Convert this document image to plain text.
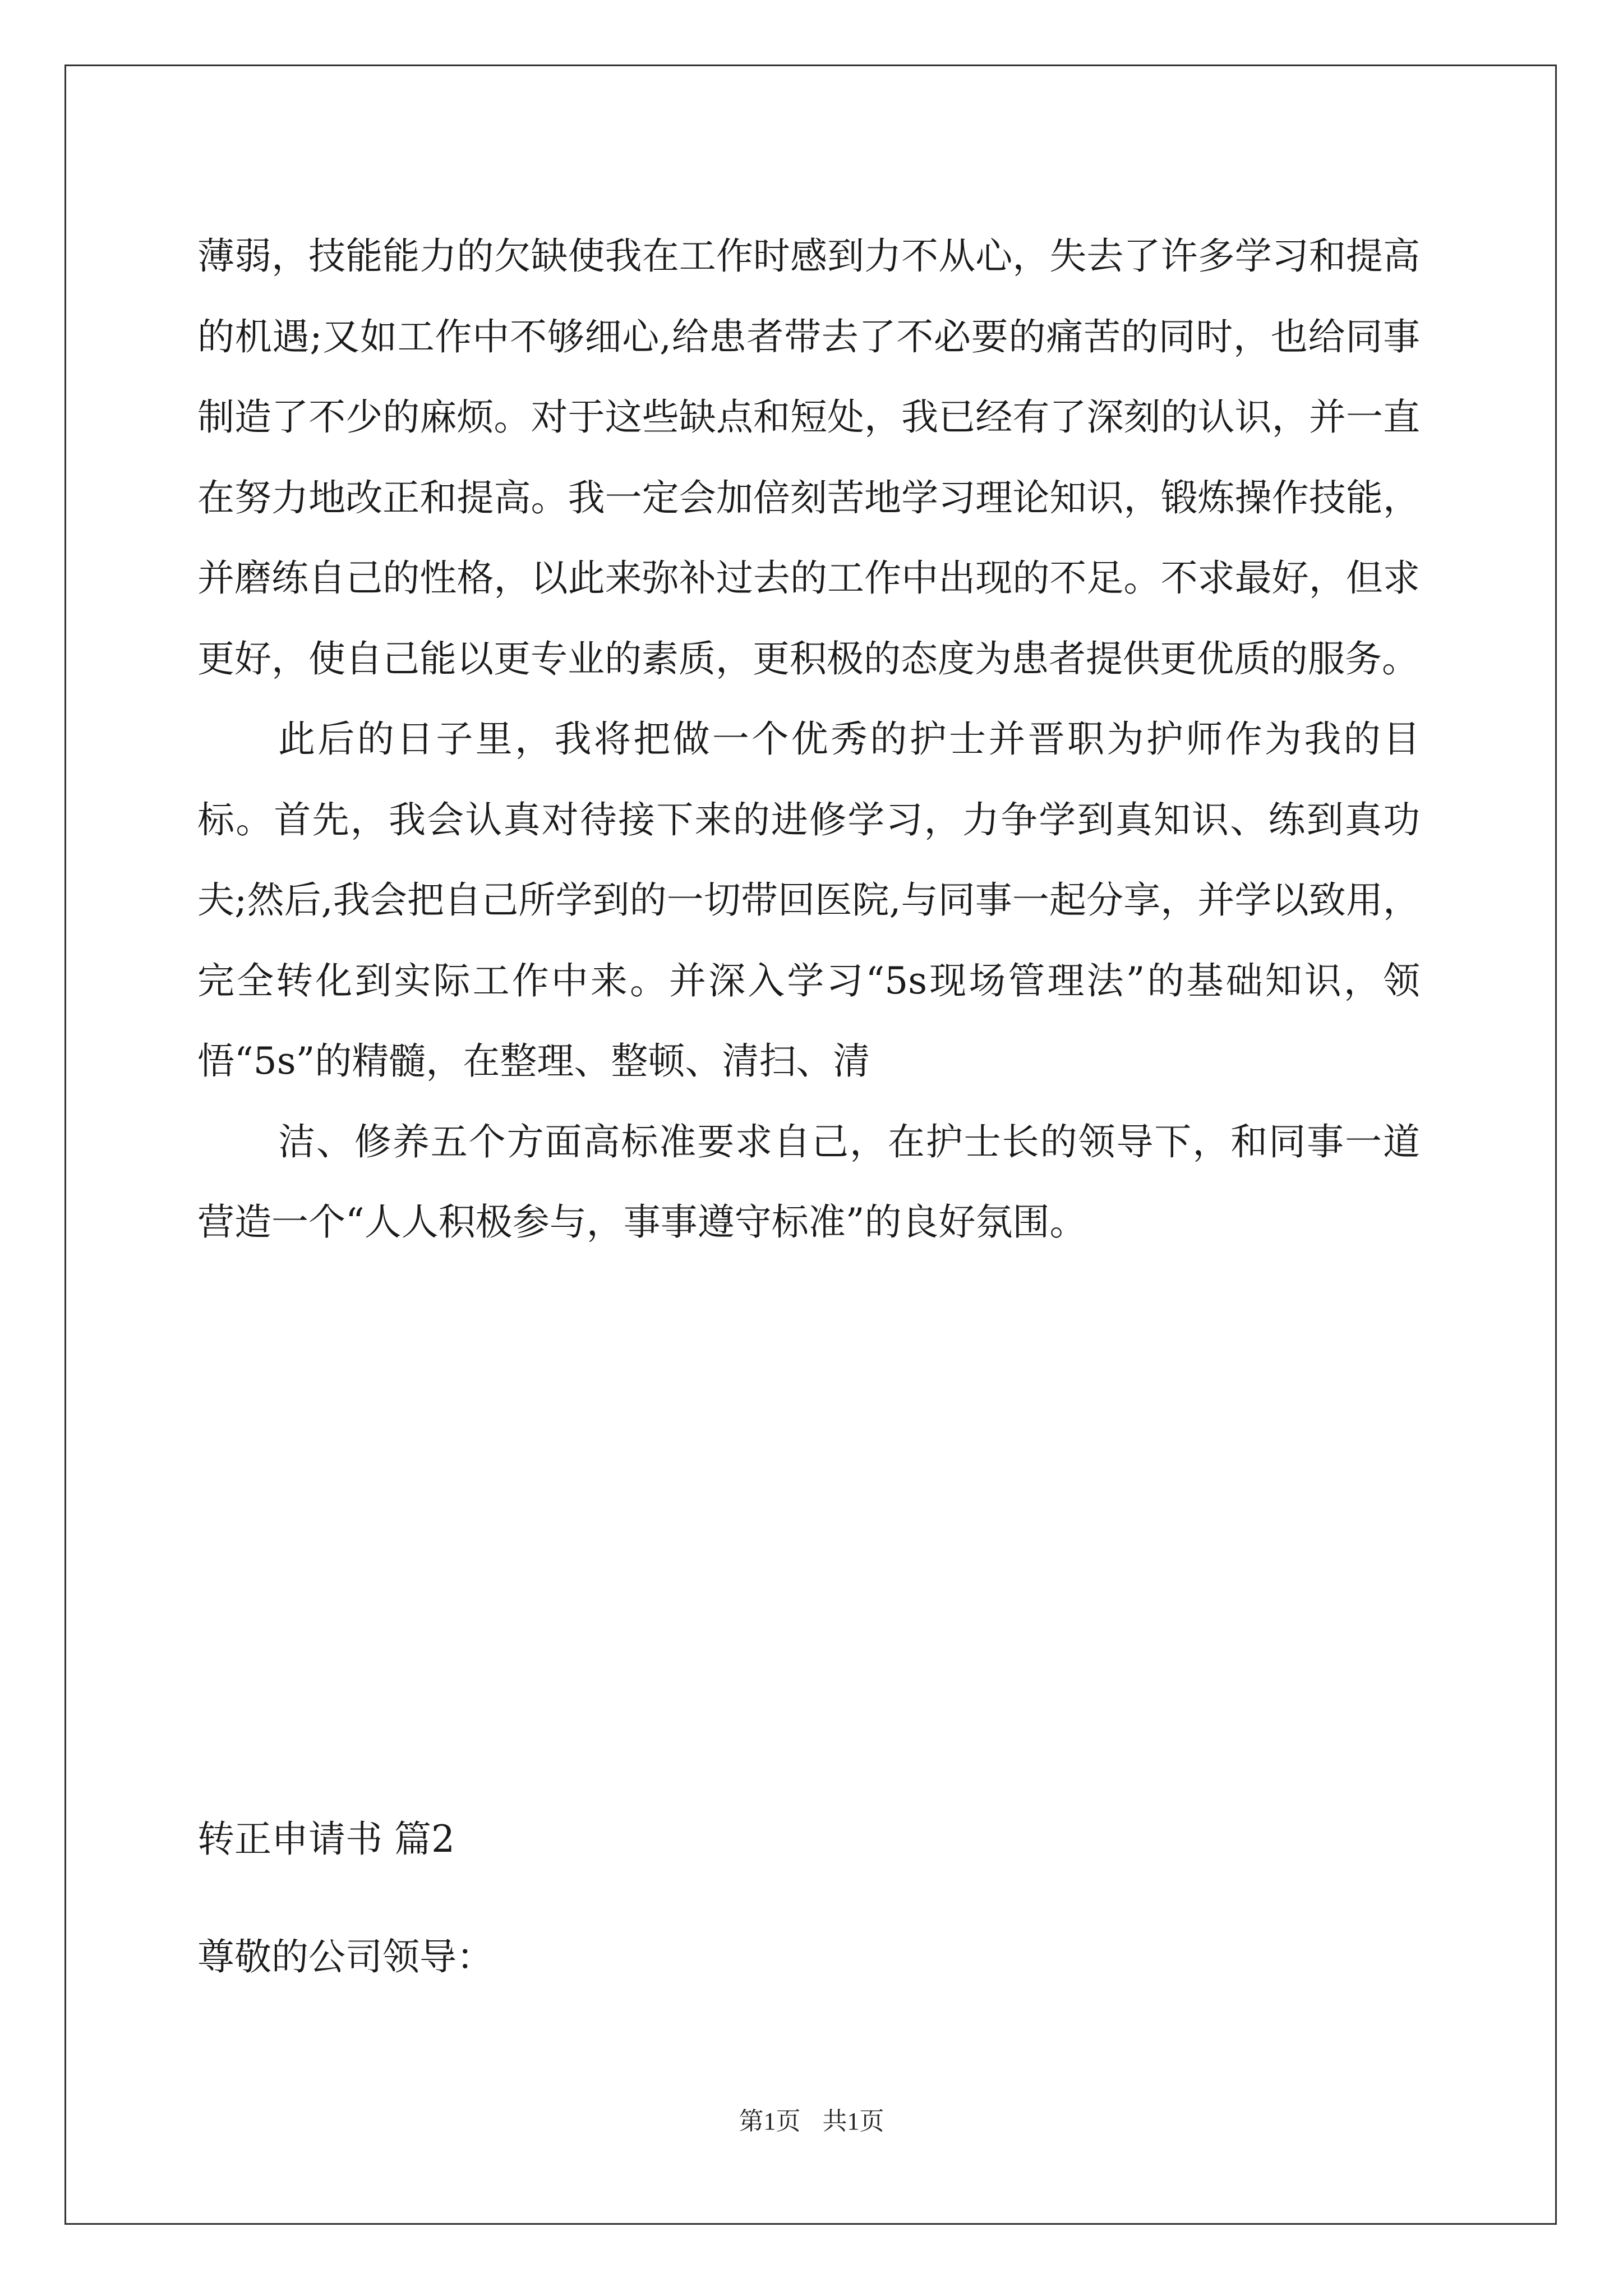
薄弱，技能能力的欠缺使我在工作时感到力不从心，失去了许多学习和提高的机遇;又如工作中不够细心,给患者带去了不必要的痛苦的同时，也给同事制造了不少的麻烦。对于这些缺点和短处，我已经有了深刻的认识，并一直在努力地改正和提高。我一定会加倍刻苦地学习理论知识，锻炼操作技能，并磨练自己的性格，以此来弥补过去的工作中出现的不足。不求最好，但求更好，使自己能以更专业的素质，更积极的态度为患者提供更优质的服务。

此后的日子里，我将把做一个优秀的护士并晋职为护师作为我的目标。首先，我会认真对待接下来的进修学习，力争学到真知识、练到真功夫;然后,我会把自己所学到的一切带回医院,与同事一起分享，并学以致用，完全转化到实际工作中来。并深入学习“5s现场管理法”的基础知识，领悟“5s”的精髓，在整理、整顿、清扫、清

洁、修养五个方面高标准要求自己，在护士长的领导下，和同事一道营造一个“人人积极参与，事事遵守标准”的良好氛围。

转正申请书 篇2
尊敬的公司领导：
第1页 共1页
